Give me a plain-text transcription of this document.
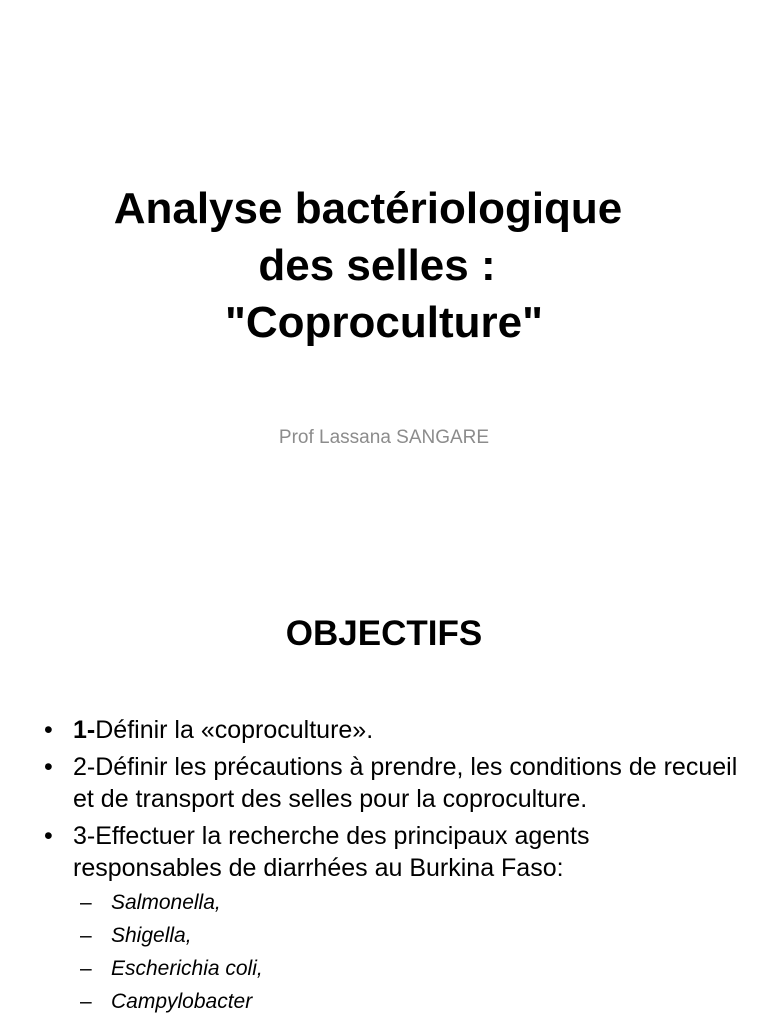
Analyse bactériologique
des selles :
"Coproculture"
Prof Lassana SANGARE
OBJECTIFS
• 1-Définir la «coproculture».
• 2-Définir les précautions à prendre, les conditions de recueil et de transport des selles pour la coproculture.
• 3-Effectuer la recherche des principaux agents responsables de diarrhées au Burkina Faso:
– Salmonella,
– Shigella,
– Escherichia coli,
– Campylobacter
